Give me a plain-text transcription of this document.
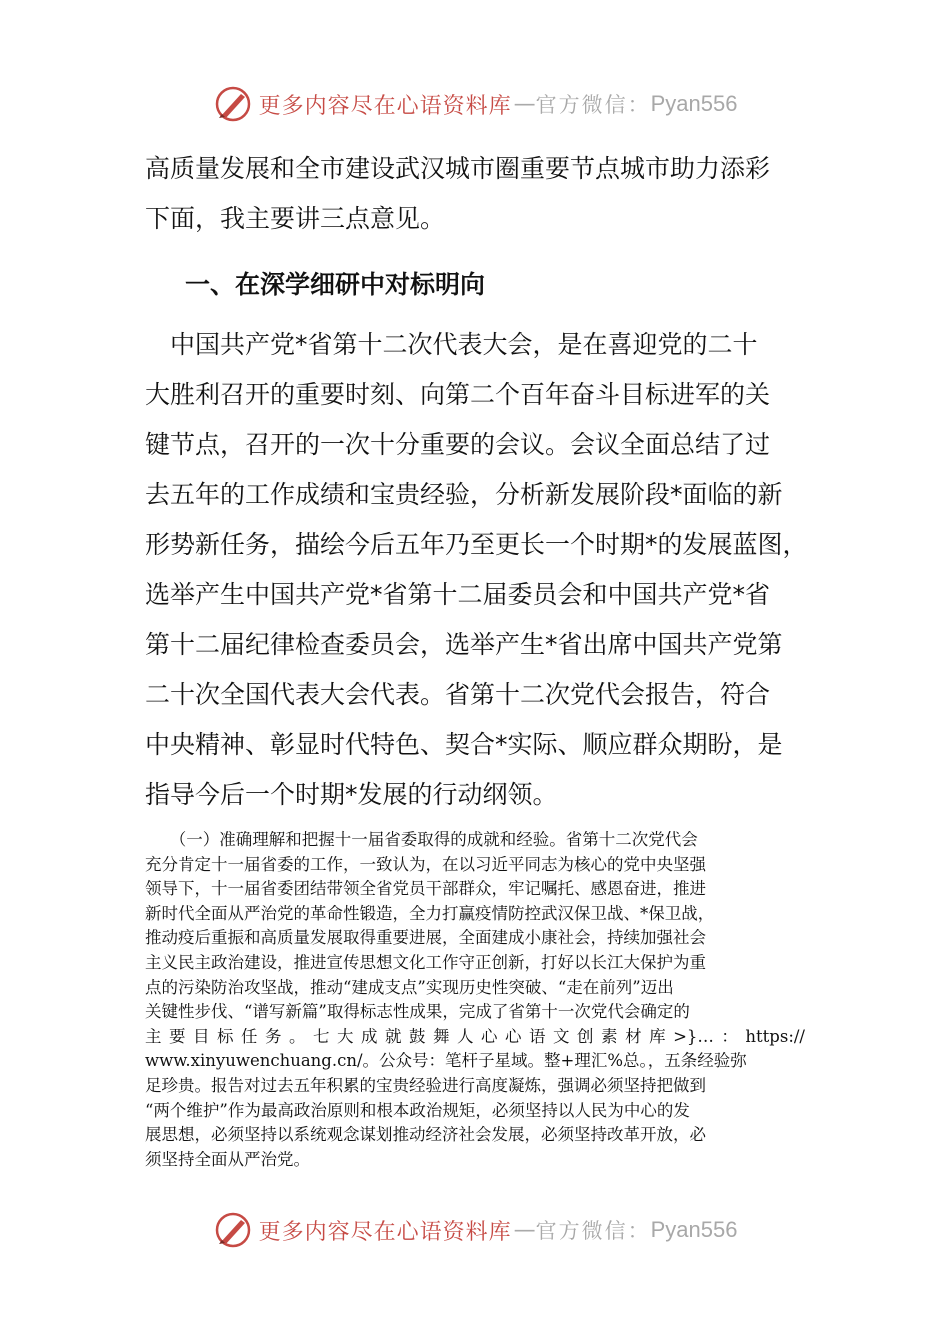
更多内容尽在心语资料库 — 官方微信： Pyan556
高质量发展和全市建设武汉城市圈重要节点城市助力添彩
下面，我主要讲三点意见。
一、在深学细研中对标明向
　中国共产党*省第十二次代表大会，是在喜迎党的二十
大胜利召开的重要时刻、向第二个百年奋斗目标进军的关
键节点，召开的一次十分重要的会议。会议全面总结了过
去五年的工作成绩和宝贵经验，分析新发展阶段*面临的新
形势新任务，描绘今后五年乃至更长一个时期*的发展蓝图，
选举产生中国共产党*省第十二届委员会和中国共产党*省
第十二届纪律检查委员会，选举产生*省出席中国共产党第
二十次全国代表大会代表。省第十二次党代会报告，符合
中央精神、彰显时代特色、契合*实际、顺应群众期盼，是
指导今后一个时期*发展的行动纲领。
　　（一）准确理解和把握十一届省委取得的成就和经验。省第十二次党代会
充分肯定十一届省委的工作，一致认为，在以习近平同志为核心的党中央坚强
领导下，十一届省委团结带领全省党员干部群众，牢记嘱托、感恩奋进，推进
新时代全面从严治党的革命性锻造，全力打赢疫情防控武汉保卫战、*保卫战，
推动疫后重振和高质量发展取得重要进展，全面建成小康社会，持续加强社会
主义民主政治建设，推进宣传思想文化工作守正创新，打好以长江大保护为重
点的污染防治攻坚战，推动“建成支点”实现历史性突破、“走在前列”迈出
关键性步伐、“谱写新篇”取得标志性成果，完成了省第十一次党代会确定的
主要目标任务。七大成就鼓舞人心心语文创素材库>}…：https://
www.xinyuwenchuang.cn/。公众号：笔杆子星域。整+理汇%总。，五条经验弥
足珍贵。报告对过去五年积累的宝贵经验进行高度凝炼，强调必须坚持把做到
“两个维护”作为最高政治原则和根本政治规矩，必须坚持以人民为中心的发
展思想，必须坚持以系统观念谋划推动经济社会发展，必须坚持改革开放，必
须坚持全面从严治党。
更多内容尽在心语资料库 — 官方微信： Pyan556
